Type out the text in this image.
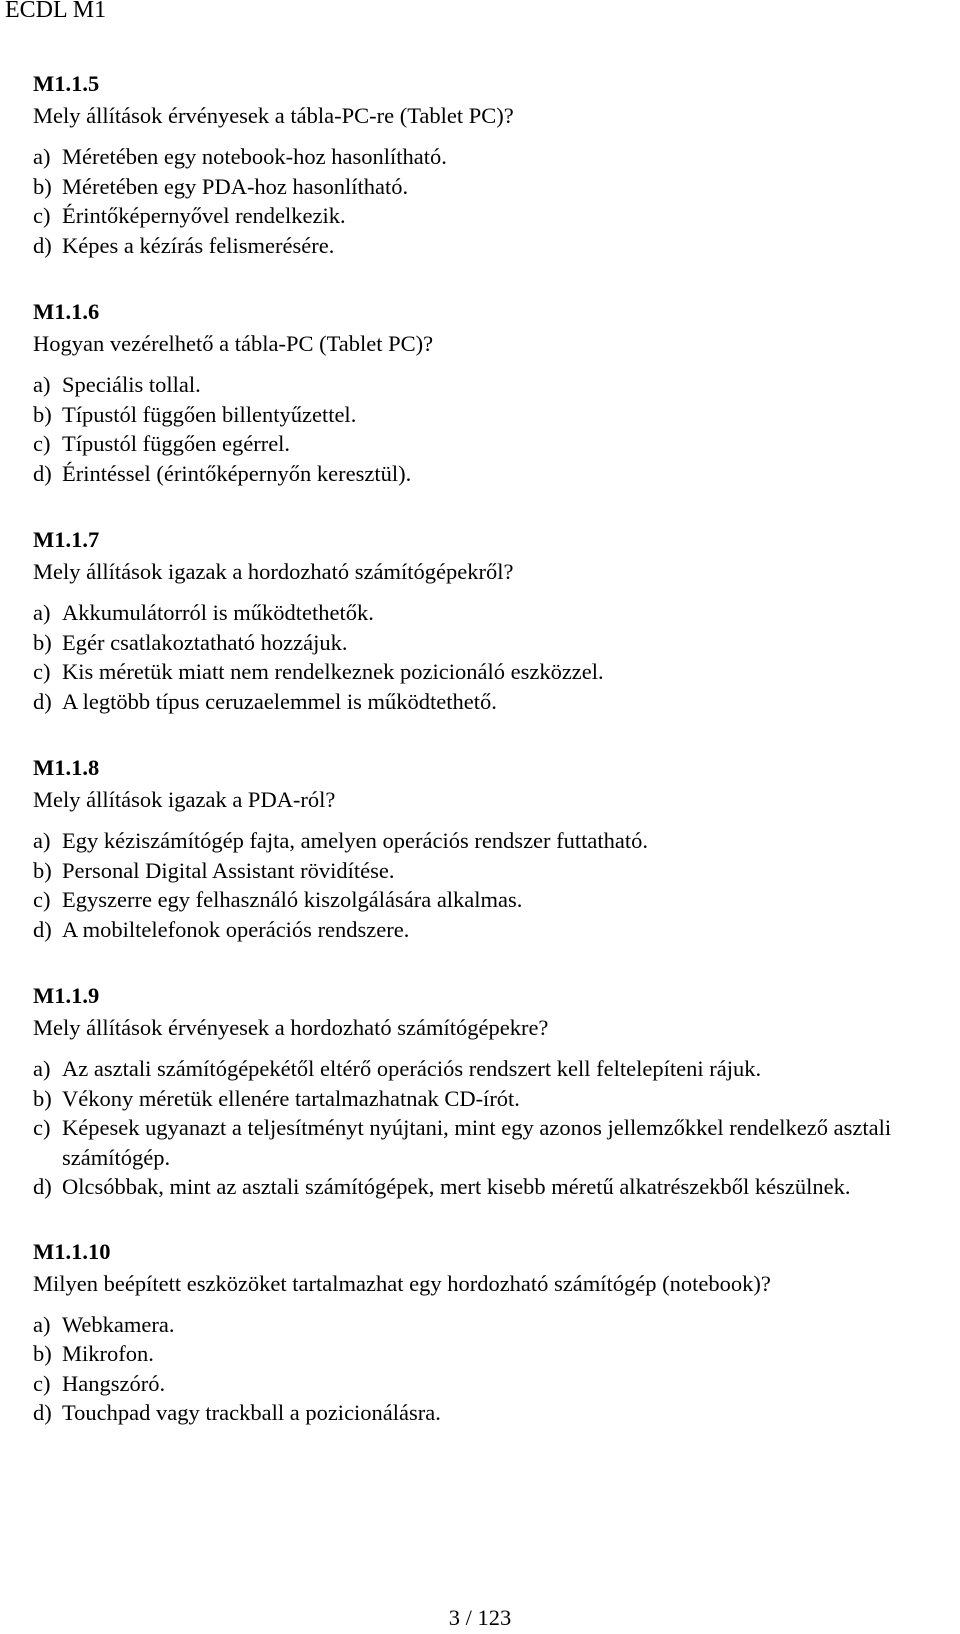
ECDL M1
M1.1.5
Mely állítások érvényesek a tábla-PC-re (Tablet PC)?
a) Méretében egy notebook-hoz hasonlítható.
b) Méretében egy PDA-hoz hasonlítható.
c) Érintőképernyővel rendelkezik.
d) Képes a kézírás felismerésére.
M1.1.6
Hogyan vezérelhető a tábla-PC (Tablet PC)?
a) Speciális tollal.
b) Típustól függően billentyűzettel.
c) Típustól függően egérrel.
d) Érintéssel (érintőképernyőn keresztül).
M1.1.7
Mely állítások igazak a hordozható számítógépekről?
a) Akkumulátorról is működtethetők.
b) Egér csatlakoztatható hozzájuk.
c) Kis méretük miatt nem rendelkeznek pozicionáló eszközzel.
d) A legtöbb típus ceruzaelemmel is működtethető.
M1.1.8
Mely állítások igazak a PDA-ról?
a) Egy kéziszámítógép fajta, amelyen operációs rendszer futtatható.
b) Personal Digital Assistant rövidítése.
c) Egyszerre egy felhasználó kiszolgálására alkalmas.
d) A mobiltelefonok operációs rendszere.
M1.1.9
Mely állítások érvényesek a hordozható számítógépekre?
a) Az asztali számítógépekétől eltérő operációs rendszert kell feltelepíteni rájuk.
b) Vékony méretük ellenére tartalmazhatnak CD-írót.
c) Képesek ugyanazt a teljesítményt nyújtani, mint egy azonos jellemzőkkel rendelkező asztali számítógép.
d) Olcsóbbak, mint az asztali számítógépek, mert kisebb méretű alkatrészekből készülnek.
M1.1.10
Milyen beépített eszközöket tartalmazhat egy hordozható számítógép (notebook)?
a) Webkamera.
b) Mikrofon.
c) Hangszóró.
d) Touchpad vagy trackball a pozicionálásra.
3 / 123
